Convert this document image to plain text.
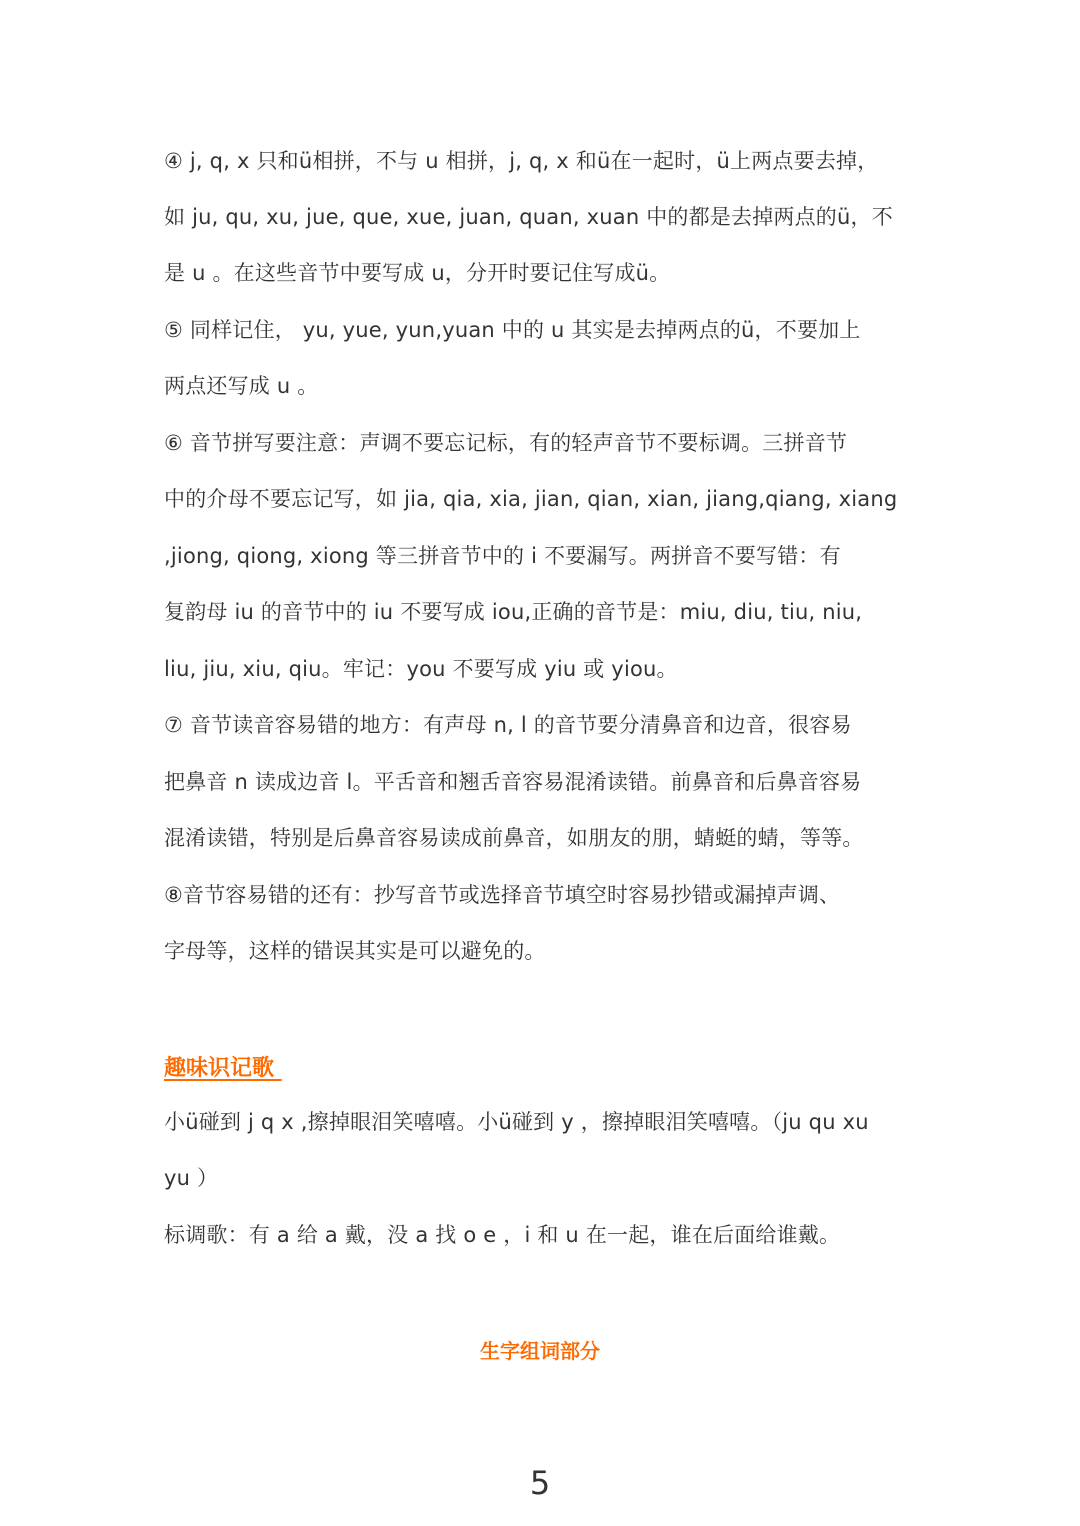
④ j, q, x 只和ü相拼，不与 u 相拼，j, q, x 和ü在一起时，ü上两点要去掉，
如 ju, qu, xu, jue, que, xue, juan, quan, xuan 中的都是去掉两点的ü，不
是 u 。在这些音节中要写成 u，分开时要记住写成ü。
⑤ 同样记住， yu, yue, yun,yuan 中的 u 其实是去掉两点的ü，不要加上
两点还写成 u 。
⑥ 音节拼写要注意：声调不要忘记标，有的轻声音节不要标调。三拼音节
中的介母不要忘记写，如 jia, qia, xia, jian, qian, xian, jiang,qiang, xiang
,jiong, qiong, xiong 等三拼音节中的 i 不要漏写。两拼音不要写错：有
复韵母 iu 的音节中的 iu 不要写成 iou,正确的音节是：miu, diu, tiu, niu,
liu, jiu, xiu, qiu。牢记：you 不要写成 yiu 或 yiou。
⑦ 音节读音容易错的地方：有声母 n, l 的音节要分清鼻音和边音，很容易
把鼻音 n 读成边音 l。平舌音和翘舌音容易混淆读错。前鼻音和后鼻音容易
混淆读错，特别是后鼻音容易读成前鼻音，如朋友的朋，蜻蜓的蜻，等等。
⑧音节容易错的还有：抄写音节或选择音节填空时容易抄错或漏掉声调、
字母等，这样的错误其实是可以避免的。
趣味识记歌
小ü碰到 j q x ,擦掉眼泪笑嘻嘻。小ü碰到 y ，擦掉眼泪笑嘻嘻。（ju qu xu
yu ）
标调歌：有 a 给 a 戴，没 a 找 o e ，i 和 u 在一起，谁在后面给谁戴。
生字组词部分
5
